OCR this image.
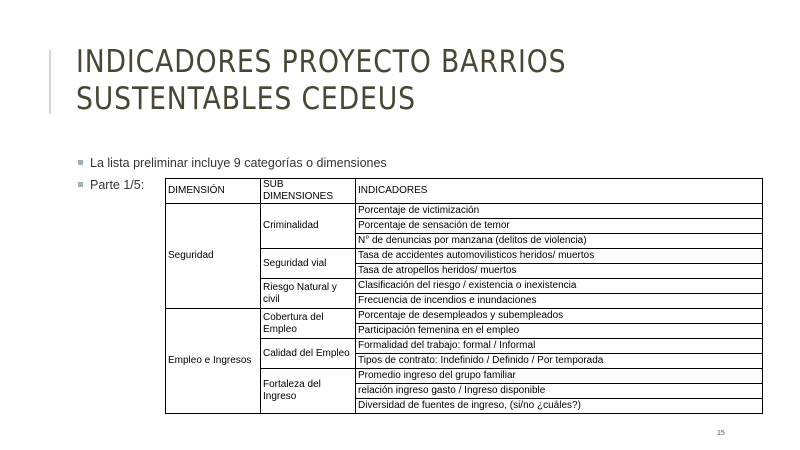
INDICADORES PROYECTO BARRIOS SUSTENTABLES CEDEUS
La lista preliminar incluye 9 categorías o dimensiones
Parte 1/5:	DIMENSIÓN	SUB DIMENSIONES	INDICADORES
Seguridad	Criminalidad	Porcentaje de victimización
		Porcentaje de sensación de temor
		N° de denuncias por manzana (delitos de violencia)
	Seguridad vial	Tasa de accidentes automovilisticos heridos/ muertos
		Tasa de atropellos heridos/ muertos
	Riesgo Natural y civil	Clasificación del riesgo / existencia o inexistencia
		Frecuencia de incendios e inundaciones
Empleo e Ingresos	Cobertura del Empleo	Porcentaje de desempleados y subempleados
		Participación femenina en el empleo
	Calidad del Empleo	Formalidad del trabajo: formal / Informal
		Tipos de contrato: Indefinido / Definido / Por temporada
	Fortaleza del Ingreso	Promedio ingreso del grupo familiar
		relación ingreso gasto / Ingreso disponible
		Diversidad de fuentes de ingreso, (si/no ¿cuáles?)
15
